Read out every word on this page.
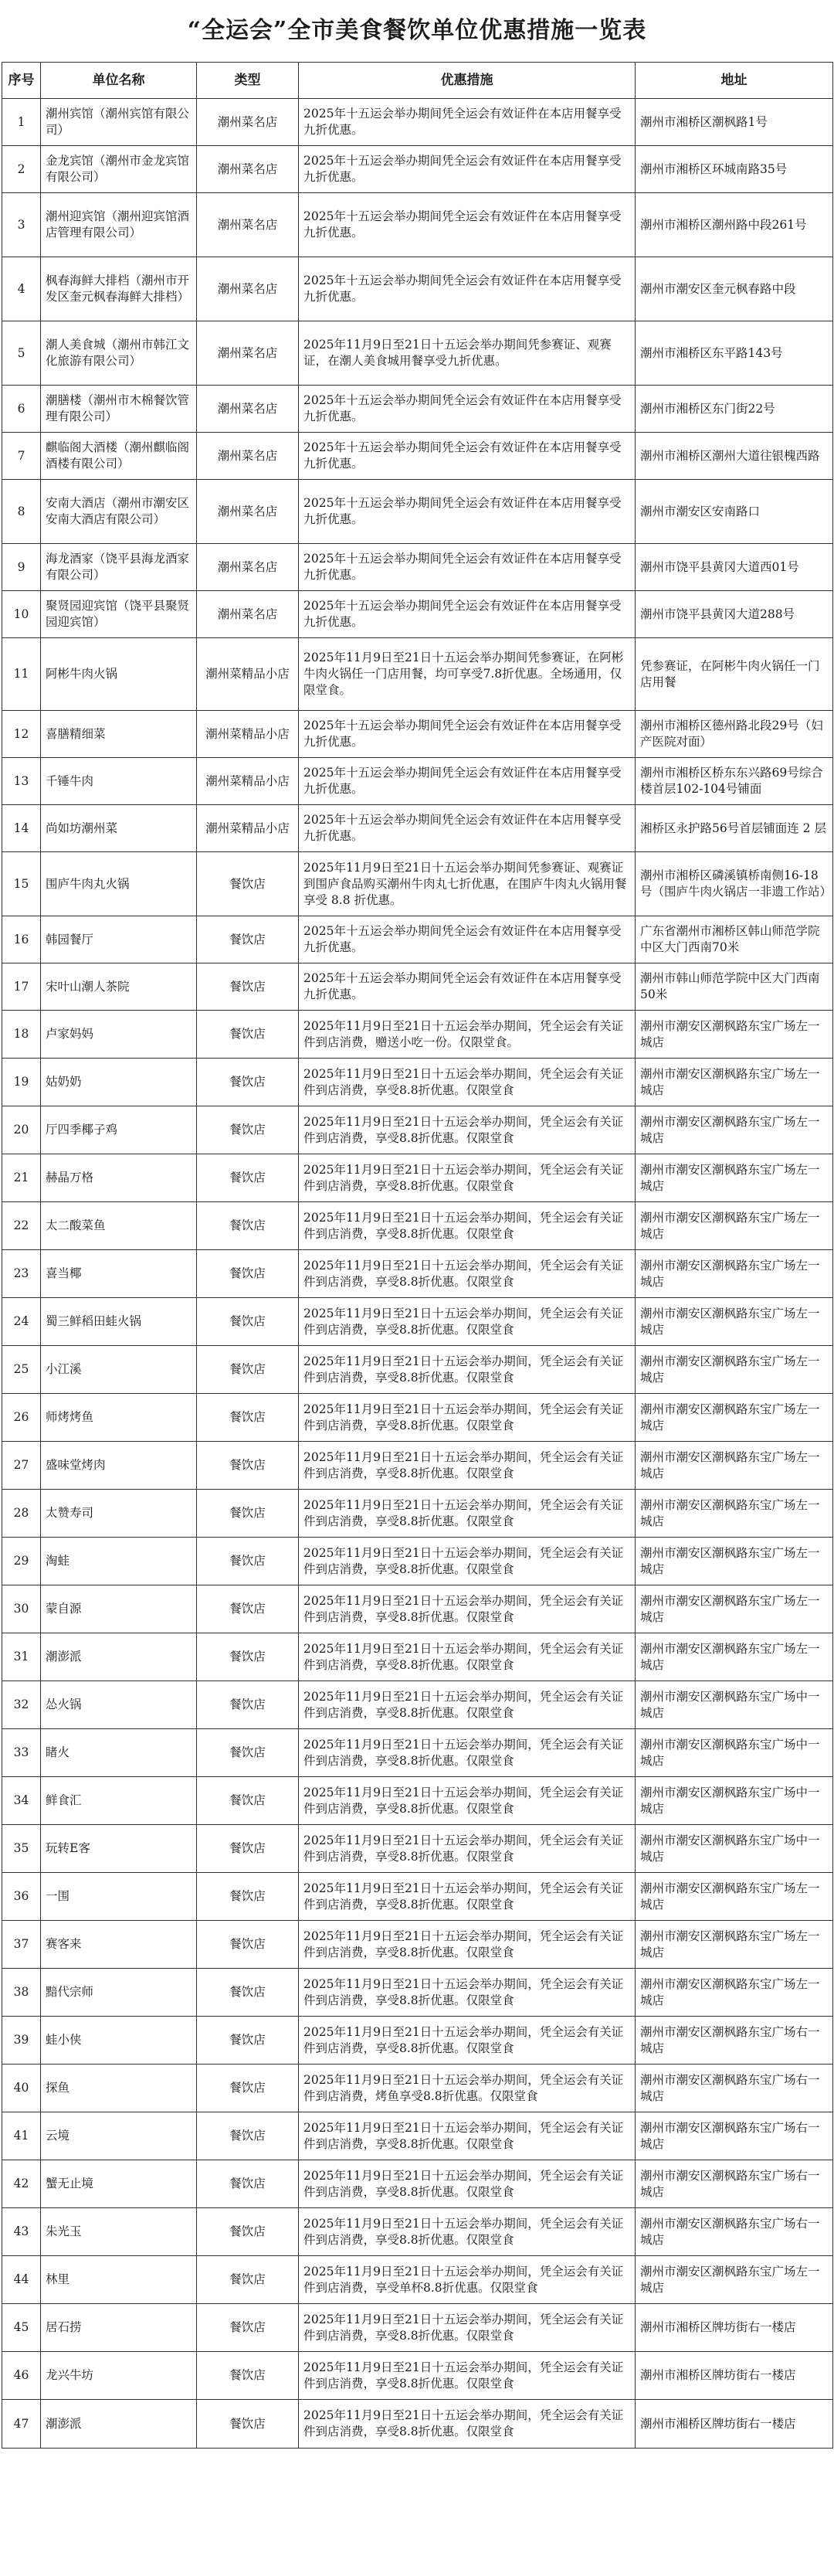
“全运会”全市美食餐饮单位优惠措施一览表
序号	单位名称	类型	优惠措施	地址
1	潮州宾馆（潮州宾馆有限公司）	潮州菜名店	2025年十五运会举办期间凭全运会有效证件在本店用餐享受九折优惠。	潮州市湘桥区潮枫路1号
2	金龙宾馆（潮州市金龙宾馆有限公司）	潮州菜名店	2025年十五运会举办期间凭全运会有效证件在本店用餐享受九折优惠。	潮州市湘桥区环城南路35号
3	潮州迎宾馆（潮州迎宾馆酒店管理有限公司）	潮州菜名店	2025年十五运会举办期间凭全运会有效证件在本店用餐享受九折优惠。	潮州市湘桥区潮州路中段261号
4	枫春海鲜大排档（潮州市开发区奎元枫春海鲜大排档）	潮州菜名店	2025年十五运会举办期间凭全运会有效证件在本店用餐享受九折优惠。	潮州市潮安区奎元枫春路中段
5	潮人美食城（潮州市韩江文化旅游有限公司）	潮州菜名店	2025年11月9日至21日十五运会举办期间凭参赛证、观赛证，在潮人美食城用餐享受九折优惠。	潮州市湘桥区东平路143号
6	潮膳楼（潮州市木棉餐饮管理有限公司）	潮州菜名店	2025年十五运会举办期间凭全运会有效证件在本店用餐享受九折优惠。	潮州市湘桥区东门街22号
7	麒临阁大酒楼（潮州麒临阁酒楼有限公司）	潮州菜名店	2025年十五运会举办期间凭全运会有效证件在本店用餐享受九折优惠。	潮州市湘桥区潮州大道往银槐西路
8	安南大酒店（潮州市潮安区安南大酒店有限公司）	潮州菜名店	2025年十五运会举办期间凭全运会有效证件在本店用餐享受九折优惠。	潮州市潮安区安南路口
9	海龙酒家（饶平县海龙酒家有限公司）	潮州菜名店	2025年十五运会举办期间凭全运会有效证件在本店用餐享受九折优惠。	潮州市饶平县黄冈大道西01号
10	聚贤园迎宾馆（饶平县聚贤园迎宾馆）	潮州菜名店	2025年十五运会举办期间凭全运会有效证件在本店用餐享受九折优惠。	潮州市饶平县黄冈大道288号
11	阿彬牛肉火锅	潮州菜精品小店	2025年11月9日至21日十五运会举办期间凭参赛证，在阿彬牛肉火锅任一门店用餐，均可享受7.8折优惠。全场通用，仅限堂食。	凭参赛证，在阿彬牛肉火锅任一门店用餐
12	喜膳精细菜	潮州菜精品小店	2025年十五运会举办期间凭全运会有效证件在本店用餐享受九折优惠。	潮州市湘桥区德州路北段29号（妇产医院对面）
13	千锤牛肉	潮州菜精品小店	2025年十五运会举办期间凭全运会有效证件在本店用餐享受九折优惠。	潮州市湘桥区桥东东兴路69号综合楼首层102-104号铺面
14	尚如坊潮州菜	潮州菜精品小店	2025年十五运会举办期间凭全运会有效证件在本店用餐享受九折优惠。	湘桥区永护路56号首层铺面连 2 层
15	围庐牛肉丸火锅	餐饮店	2025年11月9日至21日十五运会举办期间凭参赛证、观赛证到围庐食品购买潮州牛肉丸七折优惠，在围庐牛肉丸火锅用餐享受 8.8 折优惠。	潮州市湘桥区磷溪镇桥南侧16-18号（围庐牛肉火锅店一非遗工作站）
16	韩园餐厅	餐饮店	2025年十五运会举办期间凭全运会有效证件在本店用餐享受九折优惠。	广东省潮州市湘桥区韩山师范学院中区大门西南70米
17	宋叶山潮人茶院	餐饮店	2025年十五运会举办期间凭全运会有效证件在本店用餐享受九折优惠。	潮州市韩山师范学院中区大门西南50米
18	卢家妈妈	餐饮店	2025年11月9日至21日十五运会举办期间，凭全运会有关证件到店消费，赠送小吃一份。仅限堂食。	潮州市潮安区潮枫路东宝广场左一城店
19	姑奶奶	餐饮店	2025年11月9日至21日十五运会举办期间，凭全运会有关证件到店消费，享受8.8折优惠。仅限堂食	潮州市潮安区潮枫路东宝广场左一城店
20	厅四季椰子鸡	餐饮店	2025年11月9日至21日十五运会举办期间，凭全运会有关证件到店消费，享受8.8折优惠。仅限堂食	潮州市潮安区潮枫路东宝广场左一城店
21	赫晶万格	餐饮店	2025年11月9日至21日十五运会举办期间，凭全运会有关证件到店消费，享受8.8折优惠。仅限堂食	潮州市潮安区潮枫路东宝广场左一城店
22	太二酸菜鱼	餐饮店	2025年11月9日至21日十五运会举办期间，凭全运会有关证件到店消费，享受8.8折优惠。仅限堂食	潮州市潮安区潮枫路东宝广场左一城店
23	喜当椰	餐饮店	2025年11月9日至21日十五运会举办期间，凭全运会有关证件到店消费，享受8.8折优惠。仅限堂食	潮州市潮安区潮枫路东宝广场左一城店
24	蜀三鲜稻田蛙火锅	餐饮店	2025年11月9日至21日十五运会举办期间，凭全运会有关证件到店消费，享受8.8折优惠。仅限堂食	潮州市潮安区潮枫路东宝广场左一城店
25	小江溪	餐饮店	2025年11月9日至21日十五运会举办期间，凭全运会有关证件到店消费，享受8.8折优惠。仅限堂食	潮州市潮安区潮枫路东宝广场左一城店
26	师烤烤鱼	餐饮店	2025年11月9日至21日十五运会举办期间，凭全运会有关证件到店消费，享受8.8折优惠。仅限堂食	潮州市潮安区潮枫路东宝广场左一城店
27	盛味堂烤肉	餐饮店	2025年11月9日至21日十五运会举办期间，凭全运会有关证件到店消费，享受8.8折优惠。仅限堂食	潮州市潮安区潮枫路东宝广场左一城店
28	太赞寿司	餐饮店	2025年11月9日至21日十五运会举办期间，凭全运会有关证件到店消费，享受8.8折优惠。仅限堂食	潮州市潮安区潮枫路东宝广场左一城店
29	淘蛙	餐饮店	2025年11月9日至21日十五运会举办期间，凭全运会有关证件到店消费，享受8.8折优惠。仅限堂食	潮州市潮安区潮枫路东宝广场左一城店
30	蒙自源	餐饮店	2025年11月9日至21日十五运会举办期间，凭全运会有关证件到店消费，享受8.8折优惠。仅限堂食	潮州市潮安区潮枫路东宝广场左一城店
31	潮澎派	餐饮店	2025年11月9日至21日十五运会举办期间，凭全运会有关证件到店消费，享受8.8折优惠。仅限堂食	潮州市潮安区潮枫路东宝广场左一城店
32	怂火锅	餐饮店	2025年11月9日至21日十五运会举办期间，凭全运会有关证件到店消费，享受8.8折优惠。仅限堂食	潮州市潮安区潮枫路东宝广场中一城店
33	睹火	餐饮店	2025年11月9日至21日十五运会举办期间，凭全运会有关证件到店消费，享受8.8折优惠。仅限堂食	潮州市潮安区潮枫路东宝广场中一城店
34	鲜食汇	餐饮店	2025年11月9日至21日十五运会举办期间，凭全运会有关证件到店消费，享受8.8折优惠。仅限堂食	潮州市潮安区潮枫路东宝广场中一城店
35	玩转E客	餐饮店	2025年11月9日至21日十五运会举办期间，凭全运会有关证件到店消费，享受8.8折优惠。仅限堂食	潮州市潮安区潮枫路东宝广场中一城店
36	一围	餐饮店	2025年11月9日至21日十五运会举办期间，凭全运会有关证件到店消费，享受8.8折优惠。仅限堂食	潮州市潮安区潮枫路东宝广场左一城店
37	赛客来	餐饮店	2025年11月9日至21日十五运会举办期间，凭全运会有关证件到店消费，享受8.8折优惠。仅限堂食	潮州市潮安区潮枫路东宝广场左一城店
38	黯代宗师	餐饮店	2025年11月9日至21日十五运会举办期间，凭全运会有关证件到店消费，享受8.8折优惠。仅限堂食	潮州市潮安区潮枫路东宝广场左一城店
39	蛙小侠	餐饮店	2025年11月9日至21日十五运会举办期间，凭全运会有关证件到店消费，享受8.8折优惠。仅限堂食	潮州市潮安区潮枫路东宝广场右一城店
40	探鱼	餐饮店	2025年11月9日至21日十五运会举办期间，凭全运会有关证件到店消费，烤鱼享受8.8折优惠。仅限堂食	潮州市潮安区潮枫路东宝广场右一城店
41	云境	餐饮店	2025年11月9日至21日十五运会举办期间，凭全运会有关证件到店消费，享受8.8折优惠。仅限堂食	潮州市潮安区潮枫路东宝广场右一城店
42	蟹无止境	餐饮店	2025年11月9日至21日十五运会举办期间，凭全运会有关证件到店消费，享受8.8折优惠。仅限堂食	潮州市潮安区潮枫路东宝广场右一城店
43	朱光玉	餐饮店	2025年11月9日至21日十五运会举办期间，凭全运会有关证件到店消费，享受8.8折优惠。仅限堂食	潮州市潮安区潮枫路东宝广场右一城店
44	林里	餐饮店	2025年11月9日至21日十五运会举办期间，凭全运会有关证件到店消费，享受单杯8.8折优惠。仅限堂食	潮州市潮安区潮枫路东宝广场左一城店
45	居石捞	餐饮店	2025年11月9日至21日十五运会举办期间，凭全运会有关证件到店消费，享受8.8折优惠。仅限堂食	潮州市湘桥区牌坊街右一楼店
46	龙兴牛坊	餐饮店	2025年11月9日至21日十五运会举办期间，凭全运会有关证件到店消费，享受8.8折优惠。仅限堂食	潮州市湘桥区牌坊街右一楼店
47	潮澎派	餐饮店	2025年11月9日至21日十五运会举办期间，凭全运会有关证件到店消费，享受8.8折优惠。仅限堂食	潮州市湘桥区牌坊街右一楼店
